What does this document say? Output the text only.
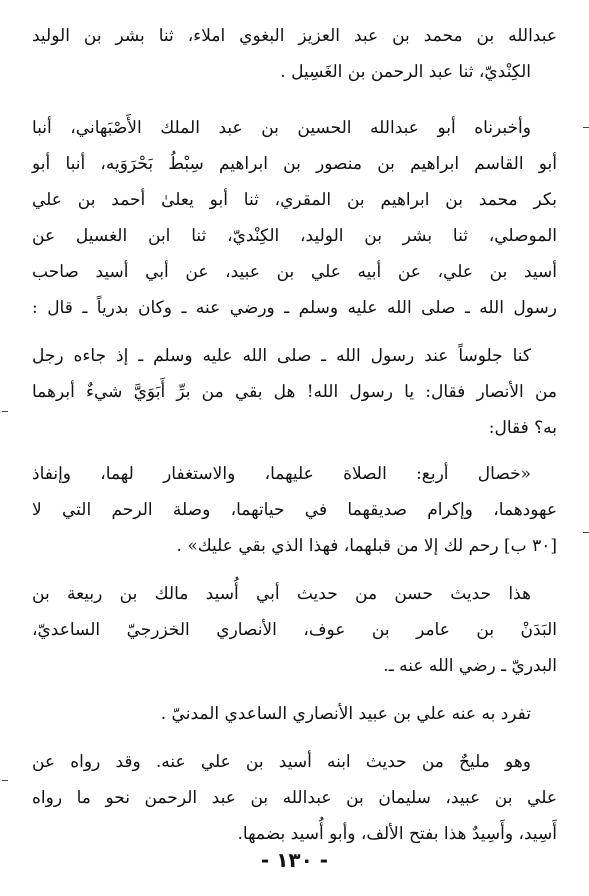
عبدالله بن محمد بن عبد العزيز البغوي املاء، ثنا بشر بن الوليد
الكِنْديّ، ثنا عبد الرحمن بن الغَسِيل .

وأخبرناه أبو عبدالله الحسين بن عبد الملك الأَصْبَهاني، أنبا
أبو القاسم ابراهيم بن منصور بن ابراهيم سِبْطُ بَحْرَوَيه، أنبا أبو
بكر محمد بن ابراهيم بن المقري، ثنا أبو يعلىٰ أحمد بن علي
الموصلي، ثنا بشر بن الوليد، الكِنْديّ، ثنا ابن الغسيل عن
أسيد بن علي، عن أبيه علي بن عبيد، عن أبي أسيد صاحب
رسول الله ـ صلى الله عليه وسلم ـ ورضي عنه ـ وكان بدرياً ـ قال :

كنا جلوساً عند رسول الله ـ صلى الله عليه وسلم ـ إذ جاءه رجل
من الأنصار فقال: يا رسول الله! هل بقي من برِّ أَبَوَيَّ شيءٌ أبرهما
به؟ فقال:

«خصال أربع: الصلاة عليهما، والاستغفار لهما، وإنفاذ
عهودهما، وإكرام صديقهما في حياتهما، وصلة الرحم التي لا
[٣٠ ب] رحم لك إلا من قبلهما، فهذا الذي بقي عليك» .

هذا حديث حسن من حديث أبي أُسيد مالك بن ربيعة بن
البَدَنْ بن عامر بن عوف، الأنصاري الخزرجيّ الساعديّ،
البدريّ ـ رضي الله عنه ـ.

تفرد به عنه علي بن عبيد الأنصاري الساعدي المدنيّ .

وهو مليحٌ من حديث ابنه أسيد بن علي عنه. وقد رواه عن
علي بن عبيد، سليمان بن عبدالله بن عبد الرحمن نحو ما رواه
أَسِيد، وأَسِيدٌ هذا بفتح الألف، وأبو أُسيد بضمها.

- ١٣٠ -
